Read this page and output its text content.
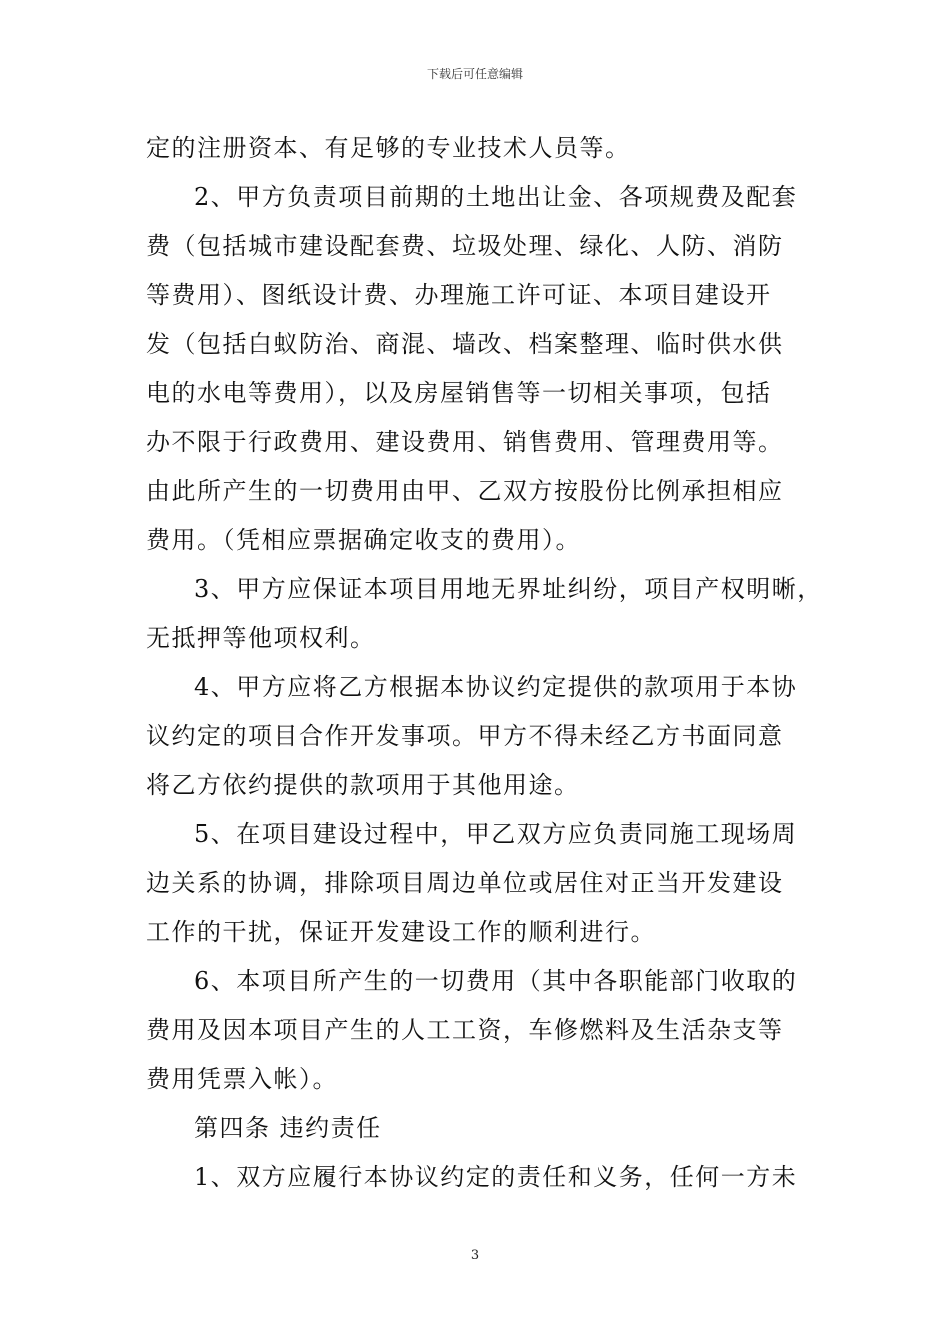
下载后可任意编辑
定的注册资本、有足够的专业技术人员等。
2、甲方负责项目前期的土地出让金、各项规费及配套
费（包括城市建设配套费、垃圾处理、绿化、人防、消防
等费用）、图纸设计费、办理施工许可证、本项目建设开
发（包括白蚁防治、商混、墙改、档案整理、临时供水供
电的水电等费用），以及房屋销售等一切相关事项，包括
办不限于行政费用、建设费用、销售费用、管理费用等。
由此所产生的一切费用由甲、乙双方按股份比例承担相应
费用。（凭相应票据确定收支的费用）。
3、甲方应保证本项目用地无界址纠纷，项目产权明晰，
无抵押等他项权利。
4、甲方应将乙方根据本协议约定提供的款项用于本协
议约定的项目合作开发事项。甲方不得未经乙方书面同意
将乙方依约提供的款项用于其他用途。
5、在项目建设过程中，甲乙双方应负责同施工现场周
边关系的协调，排除项目周边单位或居住对正当开发建设
工作的干扰，保证开发建设工作的顺利进行。
6、本项目所产生的一切费用（其中各职能部门收取的
费用及因本项目产生的人工工资，车修燃料及生活杂支等
费用凭票入帐）。
第四条 违约责任
1、双方应履行本协议约定的责任和义务，任何一方未
3
